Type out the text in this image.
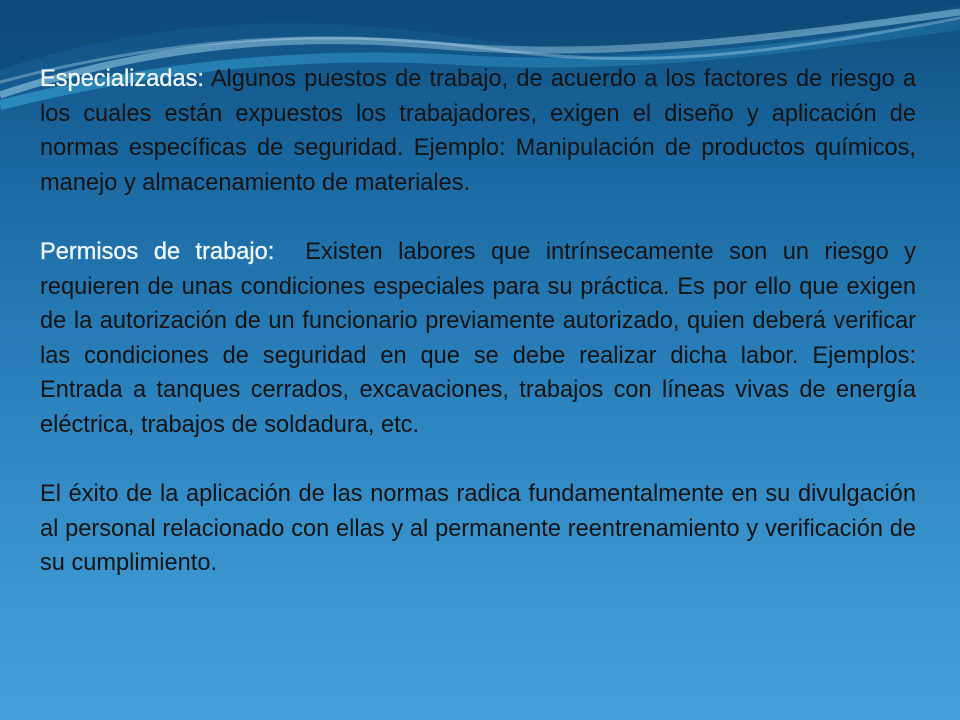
Especializadas: Algunos puestos de trabajo, de acuerdo a los factores de riesgo a los cuales están expuestos los trabajadores, exigen el diseño y aplicación de normas específicas de seguridad. Ejemplo: Manipulación de productos químicos, manejo y almacenamiento de materiales.

Permisos de trabajo:  Existen labores que intrínsecamente son un riesgo y requieren de unas condiciones especiales para su práctica. Es por ello que exigen de la autorización de un funcionario previamente autorizado, quien deberá verificar las condiciones de seguridad en que se debe realizar dicha labor. Ejemplos: Entrada a tanques cerrados, excavaciones, trabajos con líneas vivas de energía eléctrica, trabajos de soldadura, etc.

El éxito de la aplicación de las normas radica fundamentalmente en su divulgación al personal relacionado con ellas y al permanente reentrenamiento y verificación de su cumplimiento.
